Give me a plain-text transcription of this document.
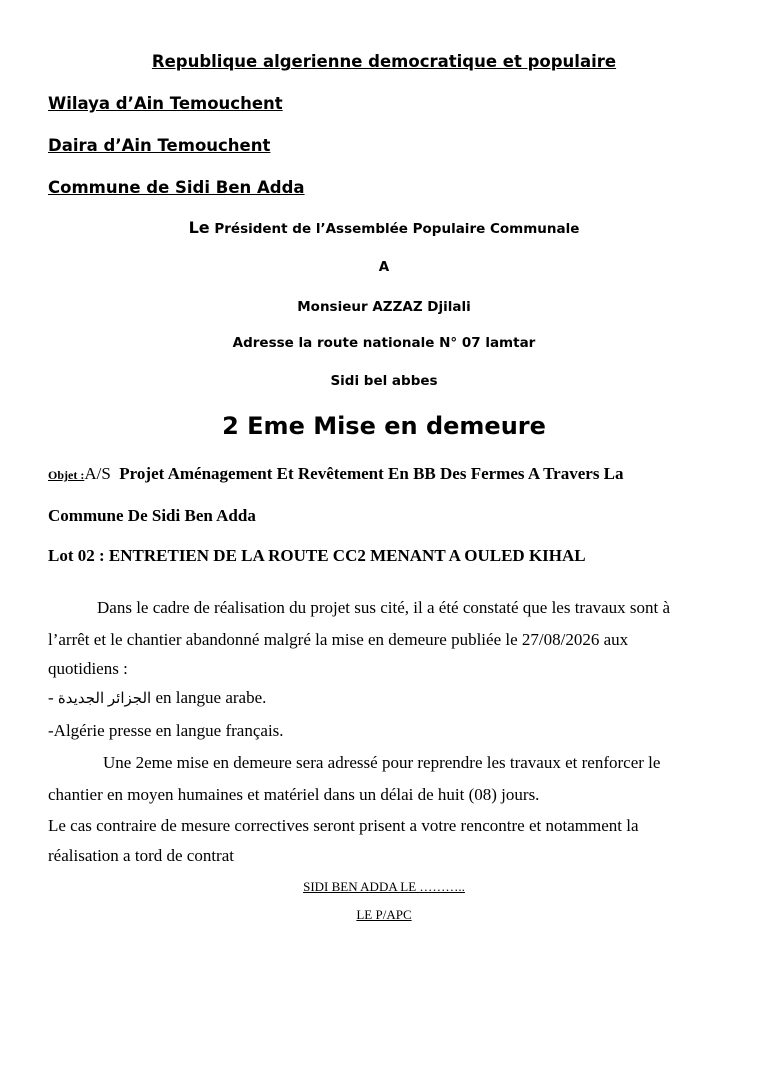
Republique algerienne democratique et populaire
Wilaya d’Ain Temouchent
Daira d’Ain Temouchent
Commune de Sidi Ben Adda
Le Président de l’Assemblée Populaire Communale
A
Monsieur AZZAZ Djilali
Adresse la route nationale N° 07 lamtar
Sidi bel abbes
2 Eme Mise en demeure
Objet :A/S Projet Aménagement Et Revêtement En BB Des Fermes A Travers La
Commune De Sidi Ben Adda
Lot 02 : ENTRETIEN DE LA ROUTE CC2 MENANT A OULED KIHAL
Dans le cadre de réalisation du projet sus cité, il a été constaté que les travaux sont à
l’arrêt et le chantier abandonné malgré la mise en demeure publiée le 27/08/2026 aux
quotidiens :
- الجزائر الجديدة en langue arabe.
-Algérie presse en langue français.
Une 2eme mise en demeure sera adressé pour reprendre les travaux et renforcer le
chantier en moyen humaines et matériel dans un délai de huit (08) jours.
Le cas contraire de mesure correctives seront prisent a votre rencontre et notamment la
réalisation a tord de contrat
SIDI BEN ADDA LE ………..
LE P/APC
